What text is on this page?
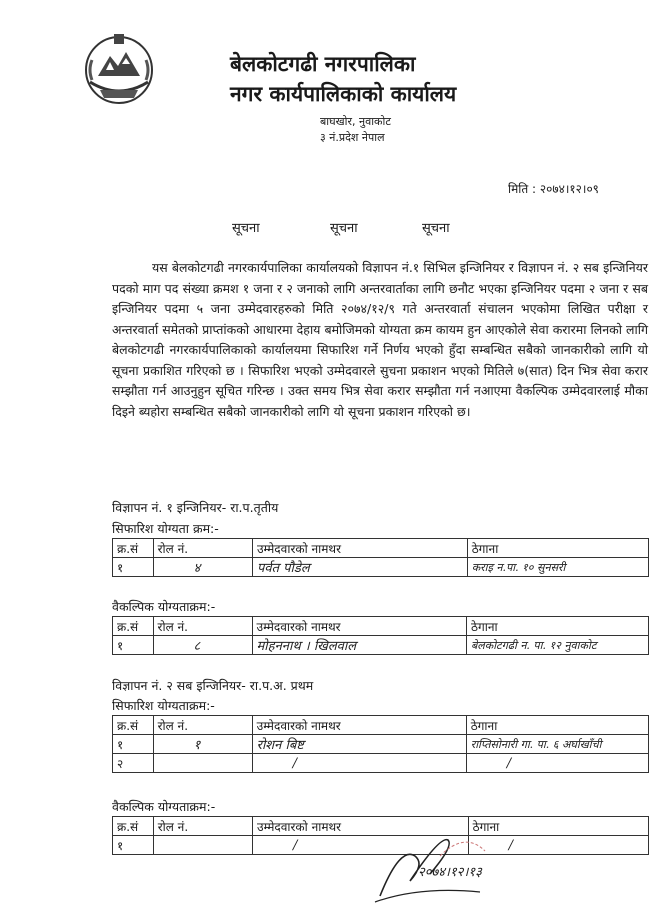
बेलकोटगढी नगरपालिका
नगर कार्यपालिकाको कार्यालय
बाघखोर, नुवाकोट
३ नं.प्रदेश नेपाल
मिति : २०७४।१२।०९
सूचना	सूचना	सूचना
यस बेलकोटगढी नगरकार्यपालिका कार्यालयको विज्ञापन नं.१ सिभिल इन्जिनियर र विज्ञापन नं. २ सब इन्जिनियर पदको माग पद संख्या क्रमश १ जना र २ जनाको लागि अन्तरवार्ताका लागि छनौट भएका इन्जिनियर पदमा २ जना र सब इन्जिनियर पदमा ५ जना उम्मेदवारहरुको मिति २०७४/१२/९ गते अन्तरवार्ता संचालन भएकोमा लिखित परीक्षा र अन्तरवार्ता समेतको प्राप्तांकको आधारमा देहाय बमोजिमको योग्यता क्रम कायम हुन आएकोले सेवा करारमा लिनको लागि बेलकोटगढी नगरकार्यपालिकाको कार्यालयमा सिफारिश गर्ने निर्णय भएको हुँदा सम्बन्धित सबैको जानकारीको लागि यो सूचना प्रकाशित गरिएको छ । सिफारिश भएको उम्मेदवारले सुचना प्रकाशन भएको मितिले ७(सात) दिन भित्र सेवा करार सम्झौता गर्न आउनुहुन सूचित गरिन्छ । उक्त समय भित्र सेवा करार सम्झौता गर्न नआएमा वैकल्पिक उम्मेदवारलाई मौका दिइने ब्यहोरा सम्बन्धित सबैको जानकारीको लागि यो सूचना प्रकाशन गरिएको छ।
विज्ञापन नं. १ इन्जिनियर- रा.प.तृतीय
सिफारिश योग्यता क्रम:-
क्र.सं	रोल नं.	उम्मेदवारको नामथर	ठेगाना
१	४	पर्वत पौडेल	कराइ न.पा. १० सुनसरी
वैकल्पिक योग्यताक्रम:-
क्र.सं	रोल नं.	उम्मेदवारको नामथर	ठेगाना
१	८	मोहननाथ । खिलवाल	बेलकोटगढी न. पा. १२ नुवाकोट
विज्ञापन नं. २ सब इन्जिनियर- रा.प.अ. प्रथम
सिफारिश योग्यताक्रम:-
क्र.सं	रोल नं.	उम्मेदवारको नामथर	ठेगाना
१	१	रोशन बिष्ट	राप्तिसोनारी गा. पा. ६ अर्घाखाँची
२		/	/
वैकल्पिक योग्यताक्रम:-
क्र.सं	रोल नं.	उम्मेदवारको नामथर	ठेगाना
१		/	/
२०७४।१२।१३
